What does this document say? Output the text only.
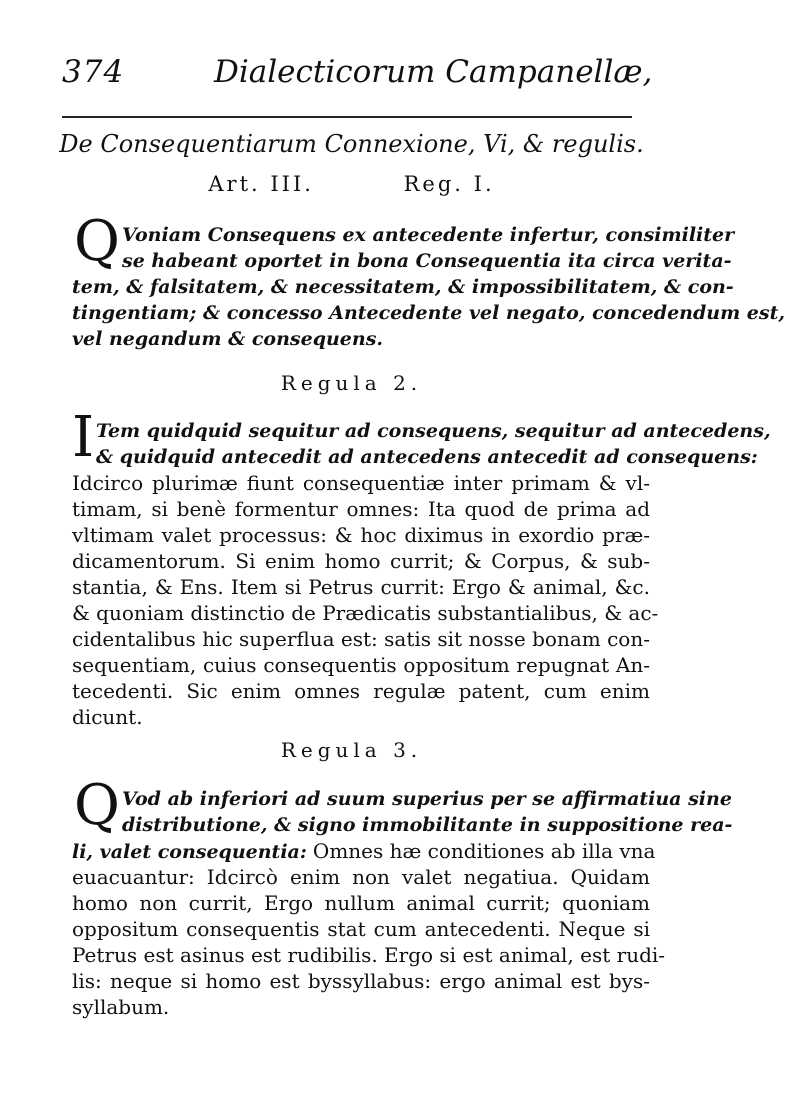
374	Dialecticorum Campanellæ,
De Consequentiarum Connexione, Vi, & regulis.
Art. III.	Reg. I.
Q Voniam Consequens ex antecedente infertur, consimiliter
se habeant oportet in bona Consequentia ita circa verita-
tem, & falsitatem, & necessitatem, & impossibilitatem, & con-
tingentiam; & concesso Antecedente vel negato, concedendum est,
vel negandum & consequens.
Regula 2.
I Tem quidquid sequitur ad consequens, sequitur ad antecedens,
& quidquid antecedit ad antecedens antecedit ad consequens:
Idcirco plurimæ fiunt consequentiæ inter primam & vl-
timam, si benè formentur omnes: Ita quod de prima ad
vltimam valet processus: & hoc diximus in exordio præ-
dicamentorum. Si enim homo currit; & Corpus, & sub-
stantia, & Ens. Item si Petrus currit: Ergo & animal, &c.
& quoniam distinctio de Prædicatis substantialibus, & ac-
cidentalibus hic superflua est: satis sit nosse bonam con-
sequentiam, cuius consequentis oppositum repugnat An-
tecedenti. Sic enim omnes regulæ patent, cum enim
dicunt.
Regula 3.
Q Vod ab inferiori ad suum superius per se affirmatiua sine
distributione, & signo immobilitante in suppositione rea-
li, valet consequentia: Omnes hæ conditiones ab illa vna
euacuantur: Idcircò enim non valet negatiua. Quidam
homo non currit, Ergo nullum animal currit; quoniam
oppositum consequentis stat cum antecedenti. Neque si
Petrus est asinus est rudibilis. Ergo si est animal, est rudi-
lis: neque si homo est byssyllabus: ergo animal est bys-
syllabum.
